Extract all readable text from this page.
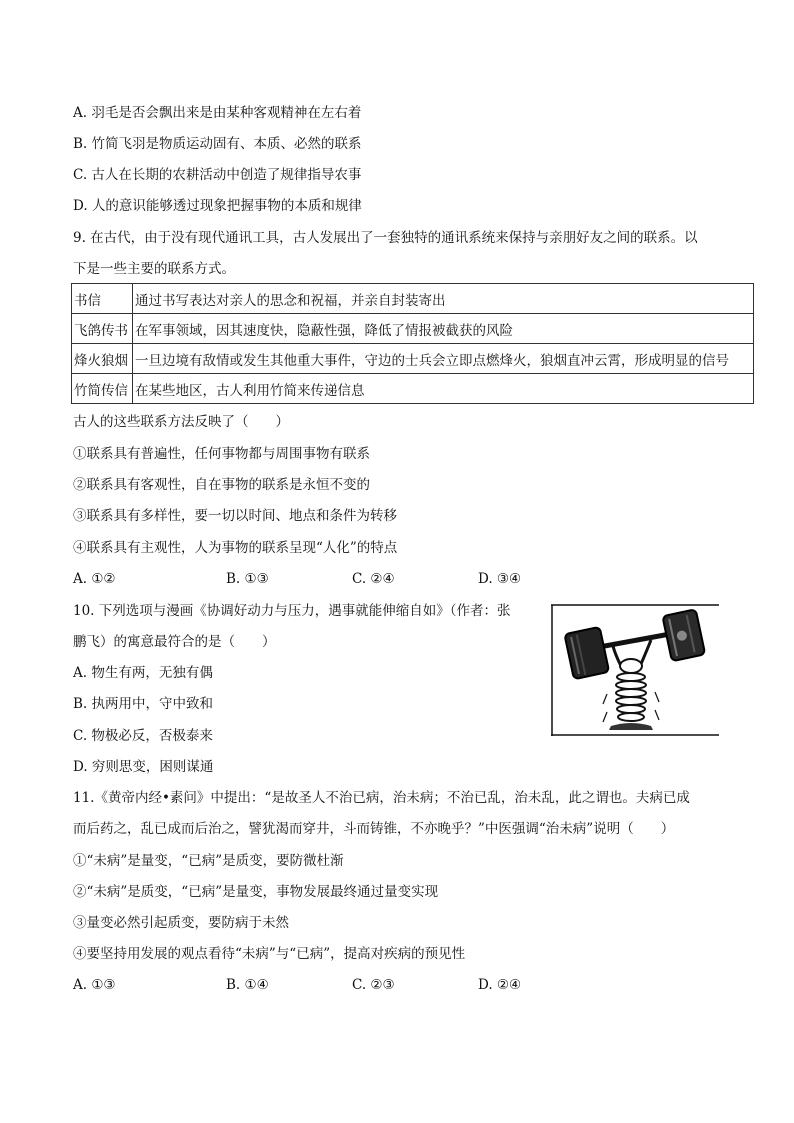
A. 羽毛是否会飘出来是由某种客观精神在左右着
B. 竹简飞羽是物质运动固有、本质、必然的联系
C. 古人在长期的农耕活动中创造了规律指导农事
D. 人的意识能够透过现象把握事物的本质和规律
9. 在古代，由于没有现代通讯工具，古人发展出了一套独特的通讯系统来保持与亲朋好友之间的联系。以
下是一些主要的联系方式。
书信	通过书写表达对亲人的思念和祝福，并亲自封装寄出
飞鸽传书	在军事领域，因其速度快，隐蔽性强，降低了情报被截获的风险
烽火狼烟	一旦边境有敌情或发生其他重大事件，守边的士兵会立即点燃烽火，狼烟直冲云霄，形成明显的信号
竹简传信	在某些地区，古人利用竹简来传递信息
古人的这些联系方法反映了（　　）
①联系具有普遍性，任何事物都与周围事物有联系
②联系具有客观性，自在事物的联系是永恒不变的
③联系具有多样性，要一切以时间、地点和条件为转移
④联系具有主观性，人为事物的联系呈现“人化”的特点
A. ①②	B. ①③	C. ②④	D. ③④
10. 下列选项与漫画《协调好动力与压力，遇事就能伸缩自如》（作者：张
鹏飞）的寓意最符合的是（　　）
A. 物生有两，无独有偶
B. 执两用中，守中致和
C. 物极必反，否极泰来
D. 穷则思变，困则谋通
11.《黄帝内经•素问》中提出：“是故圣人不治已病，治未病；不治已乱，治未乱，此之谓也。夫病已成
而后药之，乱已成而后治之，譬犹渴而穿井，斗而铸锥，不亦晚乎？”中医强调“治未病”说明（　　）
①“未病”是量变，“已病”是质变，要防微杜渐
②“未病”是质变，“已病”是量变，事物发展最终通过量变实现
③量变必然引起质变，要防病于未然
④要坚持用发展的观点看待“未病”与“已病”，提高对疾病的预见性
A. ①③	B. ①④	C. ②③	D. ②④
